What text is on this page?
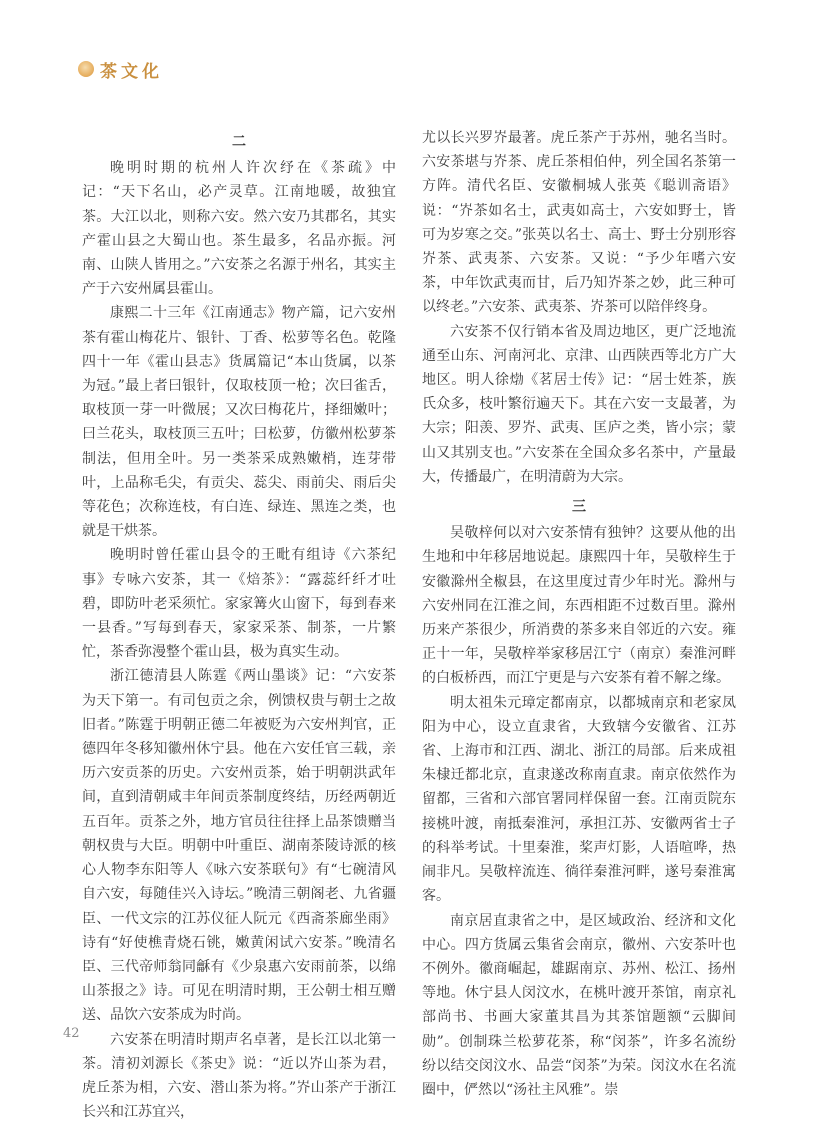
茶文化
二

晚明时期的杭州人许次纾在《茶疏》中记：“天下名山，必产灵草。江南地暖，故独宜茶。大江以北，则称六安。然六安乃其郡名，其实产霍山县之大蜀山也。茶生最多，名品亦振。河南、山陕人皆用之。”六安茶之名源于州名，其实主产于六安州属县霍山。

康熙二十三年《江南通志》物产篇，记六安州茶有霍山梅花片、银针、丁香、松萝等名色。乾隆四十一年《霍山县志》货属篇记“本山货属，以茶为冠。”最上者曰银针，仅取枝顶一枪；次曰雀舌，取枝顶一芽一叶微展；又次曰梅花片，择细嫩叶；曰兰花头，取枝顶三五叶；曰松萝，仿徽州松萝茶制法，但用全叶。另一类茶采成熟嫩梢，连芽带叶，上品称毛尖，有贡尖、蕊尖、雨前尖、雨后尖等花色；次称连枝，有白连、绿连、黑连之类，也就是干烘茶。

晚明时曾任霍山县令的王毗有组诗《六茶纪事》专咏六安茶，其一《焙茶》：“露蕊纤纤才吐碧，即防叶老采须忙。家家篝火山窗下，每到春来一县香。”写每到春天，家家采茶、制茶，一片繁忙，茶香弥漫整个霍山县，极为真实生动。

浙江德清县人陈霆《两山墨谈》记：“六安茶为天下第一。有司包贡之余，例馈权贵与朝士之故旧者。”陈霆于明朝正德二年被贬为六安州判官，正德四年冬移知徽州休宁县。他在六安任官三载，亲历六安贡茶的历史。六安州贡茶，始于明朝洪武年间，直到清朝咸丰年间贡茶制度终结，历经两朝近五百年。贡茶之外，地方官员往往择上品茶馈赠当朝权贵与大臣。明朝中叶重臣、湖南茶陵诗派的核心人物李东阳等人《咏六安茶联句》有“七碗清风自六安，每随佳兴入诗坛。”晚清三朝阁老、九省疆臣、一代文宗的江苏仪征人阮元《西斋茶廊坐雨》诗有“好使樵青烧石铫，嫩黄闲试六安茶。”晚清名臣、三代帝师翁同龢有《少泉惠六安雨前茶，以绵山茶报之》诗。可见在明清时期，王公朝士相互赠送、品饮六安茶成为时尚。

六安茶在明清时期声名卓著，是长江以北第一茶。清初刘源长《茶史》说：“近以岕山茶为君，虎丘茶为相，六安、潜山茶为将。”岕山茶产于浙江长兴和江苏宜兴，

尤以长兴罗岕最著。虎丘茶产于苏州，驰名当时。六安茶堪与岕茶、虎丘茶相伯仲，列全国名茶第一方阵。清代名臣、安徽桐城人张英《聪训斋语》说：“岕茶如名士，武夷如高士，六安如野士，皆可为岁寒之交。”张英以名士、高士、野士分别形容岕茶、武夷茶、六安茶。又说：“予少年嗜六安茶，中年饮武夷而甘，后乃知岕茶之妙，此三种可以终老。”六安茶、武夷茶、岕茶可以陪伴终身。

六安茶不仅行销本省及周边地区，更广泛地流通至山东、河南河北、京津、山西陕西等北方广大地区。明人徐𤊹《茗居士传》记：“居士姓茶，族氏众多，枝叶繁衍遍天下。其在六安一支最著，为大宗；阳羡、罗岕、武夷、匡庐之类，皆小宗；蒙山又其别支也。”六安茶在全国众多名茶中，产量最大，传播最广，在明清蔚为大宗。

三

吴敬梓何以对六安茶情有独钟？这要从他的出生地和中年移居地说起。康熙四十年，吴敬梓生于安徽滁州全椒县，在这里度过青少年时光。滁州与六安州同在江淮之间，东西相距不过数百里。滁州历来产茶很少，所消费的茶多来自邻近的六安。雍正十一年，吴敬梓举家移居江宁（南京）秦淮河畔的白板桥西，而江宁更是与六安茶有着不解之缘。

明太祖朱元璋定都南京，以都城南京和老家凤阳为中心，设立直隶省，大致辖今安徽省、江苏省、上海市和江西、湖北、浙江的局部。后来成祖朱棣迁都北京，直隶遂改称南直隶。南京依然作为留都，三省和六部官署同样保留一套。江南贡院东接桃叶渡，南抵秦淮河，承担江苏、安徽两省士子的科举考试。十里秦淮，桨声灯影，人语喧哗，热闹非凡。吴敬梓流连、徜徉秦淮河畔，遂号秦淮寓客。

南京居直隶省之中，是区域政治、经济和文化中心。四方货属云集省会南京，徽州、六安茶叶也不例外。徽商崛起，雄踞南京、苏州、松江、扬州等地。休宁县人闵汶水，在桃叶渡开茶馆，南京礼部尚书、书画大家董其昌为其茶馆题额“云脚间勋”。创制珠兰松萝花茶，称“闵茶”，许多名流纷纷以结交闵汶水、品尝“闵茶”为荣。闵汶水在名流圈中，俨然以“汤社主风雅”。崇

42
